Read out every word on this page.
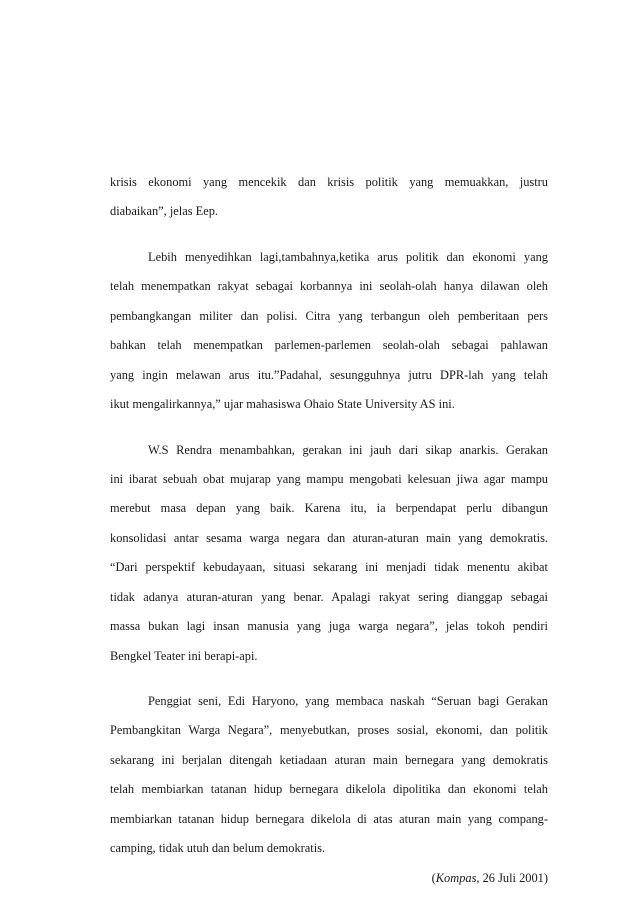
krisis ekonomi yang mencekik dan krisis politik yang memuakkan, justru
diabaikan”, jelas Eep.
Lebih menyedihkan lagi,tambahnya,ketika arus politik dan ekonomi yang
telah menempatkan rakyat sebagai korbannya ini seolah-olah hanya dilawan oleh
pembangkangan militer dan polisi. Citra yang terbangun oleh pemberitaan pers
bahkan telah menempatkan parlemen-parlemen seolah-olah sebagai pahlawan
yang ingin melawan arus itu.”Padahal, sesungguhnya jutru DPR-lah yang telah
ikut mengalirkannya,” ujar mahasiswa Ohaio State University AS ini.
W.S Rendra menambahkan, gerakan ini jauh dari sikap anarkis. Gerakan
ini ibarat sebuah obat mujarap yang mampu mengobati kelesuan jiwa agar mampu
merebut masa depan yang baik. Karena itu, ia berpendapat perlu dibangun
konsolidasi antar sesama warga negara dan aturan-aturan main yang demokratis.
“Dari perspektif kebudayaan, situasi sekarang ini menjadi tidak menentu akibat
tidak adanya aturan-aturan yang benar. Apalagi rakyat sering dianggap sebagai
massa bukan lagi insan manusia yang juga warga negara”, jelas tokoh pendiri
Bengkel Teater ini berapi-api.
Penggiat seni, Edi Haryono, yang membaca naskah “Seruan bagi Gerakan
Pembangkitan Warga Negara”, menyebutkan, proses sosial, ekonomi, dan politik
sekarang ini berjalan ditengah ketiadaan aturan main bernegara yang demokratis
telah membiarkan tatanan hidup bernegara dikelola dipolitika dan ekonomi telah
membiarkan tatanan hidup bernegara dikelola di atas aturan main yang compang-
camping, tidak utuh dan belum demokratis.
(Kompas, 26 Juli 2001)
